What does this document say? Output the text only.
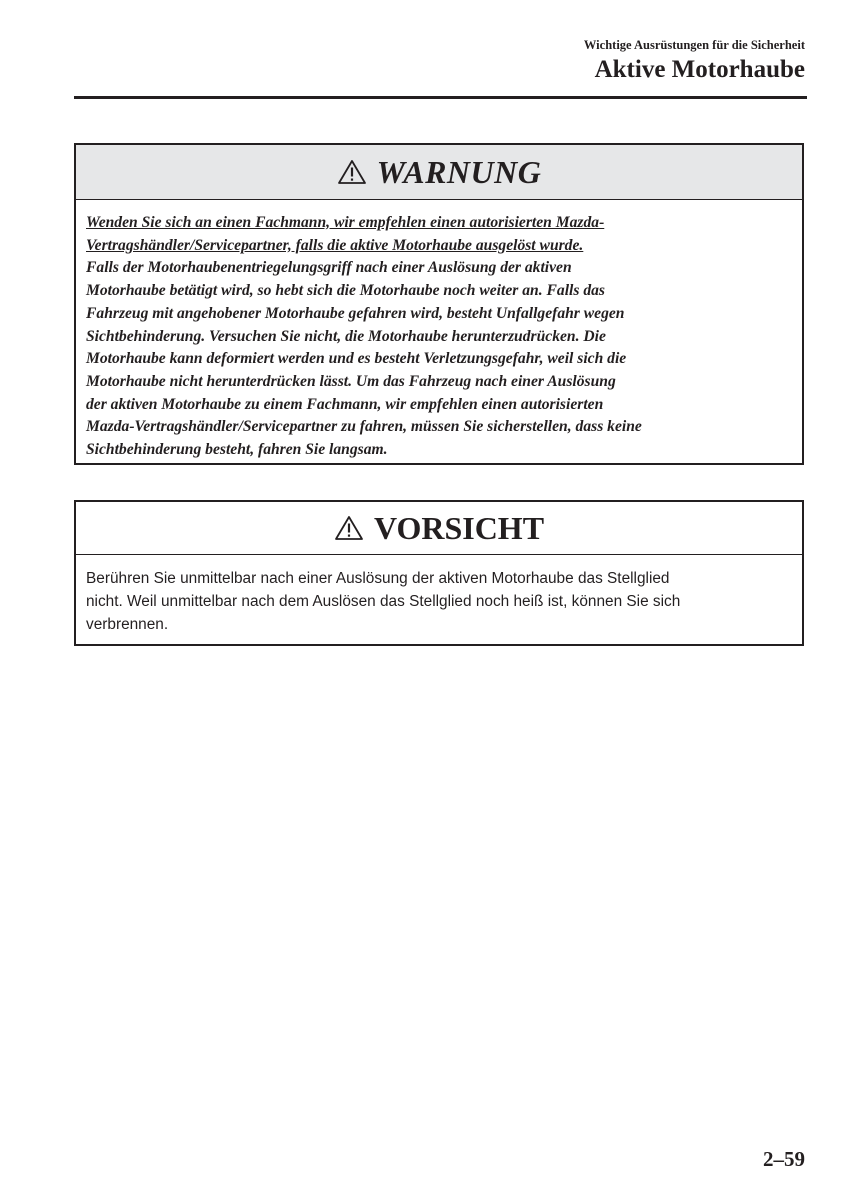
Wichtige Ausrüstungen für die Sicherheit
Aktive Motorhaube
WARNUNG
Wenden Sie sich an einen Fachmann, wir empfehlen einen autorisierten Mazda-
Vertragshändler/Servicepartner, falls die aktive Motorhaube ausgelöst wurde.
Falls der Motorhaubenentriegelungsgriff nach einer Auslösung der aktiven
Motorhaube betätigt wird, so hebt sich die Motorhaube noch weiter an. Falls das
Fahrzeug mit angehobener Motorhaube gefahren wird, besteht Unfallgefahr wegen
Sichtbehinderung. Versuchen Sie nicht, die Motorhaube herunterzudrücken. Die
Motorhaube kann deformiert werden und es besteht Verletzungsgefahr, weil sich die
Motorhaube nicht herunterdrücken lässt. Um das Fahrzeug nach einer Auslösung
der aktiven Motorhaube zu einem Fachmann, wir empfehlen einen autorisierten
Mazda-Vertragshändler/Servicepartner zu fahren, müssen Sie sicherstellen, dass keine
Sichtbehinderung besteht, fahren Sie langsam.
VORSICHT
Berühren Sie unmittelbar nach einer Auslösung der aktiven Motorhaube das Stellglied
nicht. Weil unmittelbar nach dem Auslösen das Stellglied noch heiß ist, können Sie sich
verbrennen.
2–59
